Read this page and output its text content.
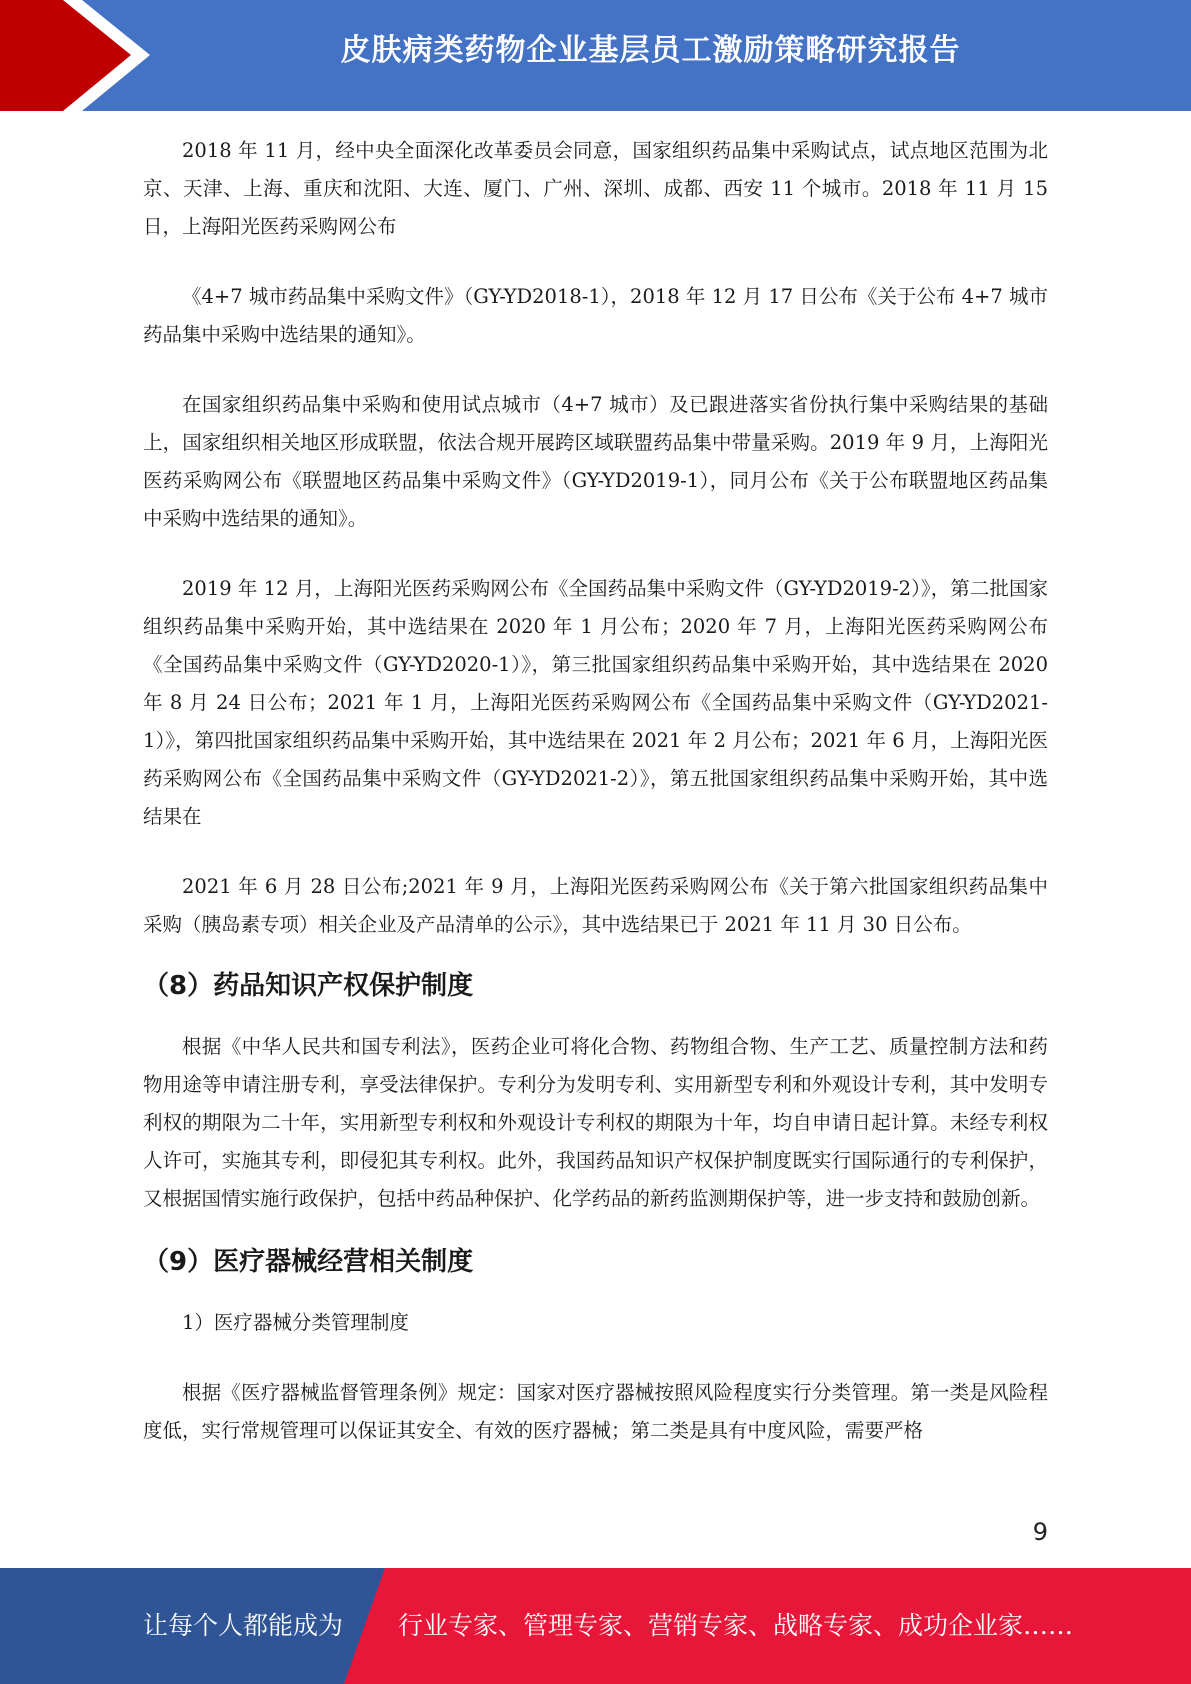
皮肤病类药物企业基层员工激励策略研究报告

2018 年 11 月，经中央全面深化改革委员会同意，国家组织药品集中采购试点，试点地区范围为北京、天津、上海、重庆和沈阳、大连、厦门、广州、深圳、成都、西安 11 个城市。2018 年 11 月 15 日，上海阳光医药采购网公布

《4+7 城市药品集中采购文件》（GY-YD2018-1），2018 年 12 月 17 日公布《关于公布 4+7 城市药品集中采购中选结果的通知》。

在国家组织药品集中采购和使用试点城市（4+7 城市）及已跟进落实省份执行集中采购结果的基础上，国家组织相关地区形成联盟，依法合规开展跨区域联盟药品集中带量采购。2019 年 9 月，上海阳光医药采购网公布《联盟地区药品集中采购文件》（GY-YD2019-1），同月公布《关于公布联盟地区药品集中采购中选结果的通知》。

2019 年 12 月，上海阳光医药采购网公布《全国药品集中采购文件（GY-YD2019-2）》，第二批国家组织药品集中采购开始，其中选结果在 2020 年 1 月公布；2020 年 7 月，上海阳光医药采购网公布《全国药品集中采购文件（GY-YD2020-1）》，第三批国家组织药品集中采购开始，其中选结果在 2020 年 8 月 24 日公布；2021 年 1 月，上海阳光医药采购网公布《全国药品集中采购文件（GY-YD2021-1）》，第四批国家组织药品集中采购开始，其中选结果在 2021 年 2 月公布；2021 年 6 月，上海阳光医药采购网公布《全国药品集中采购文件（GY-YD2021-2）》，第五批国家组织药品集中采购开始，其中选结果在

2021 年 6 月 28 日公布;2021 年 9 月，上海阳光医药采购网公布《关于第六批国家组织药品集中采购（胰岛素专项）相关企业及产品清单的公示》，其中选结果已于 2021 年 11 月 30 日公布。

（8）药品知识产权保护制度

根据《中华人民共和国专利法》，医药企业可将化合物、药物组合物、生产工艺、质量控制方法和药物用途等申请注册专利，享受法律保护。专利分为发明专利、实用新型专利和外观设计专利，其中发明专利权的期限为二十年，实用新型专利权和外观设计专利权的期限为十年，均自申请日起计算。未经专利权人许可，实施其专利，即侵犯其专利权。此外，我国药品知识产权保护制度既实行国际通行的专利保护，又根据国情实施行政保护，包括中药品种保护、化学药品的新药监测期保护等，进一步支持和鼓励创新。

（9）医疗器械经营相关制度

1）医疗器械分类管理制度

根据《医疗器械监督管理条例》规定：国家对医疗器械按照风险程度实行分类管理。第一类是风险程度低，实行常规管理可以保证其安全、有效的医疗器械；第二类是具有中度风险，需要严格

9
让每个人都能成为 行业专家、管理专家、营销专家、战略专家、成功企业家……
